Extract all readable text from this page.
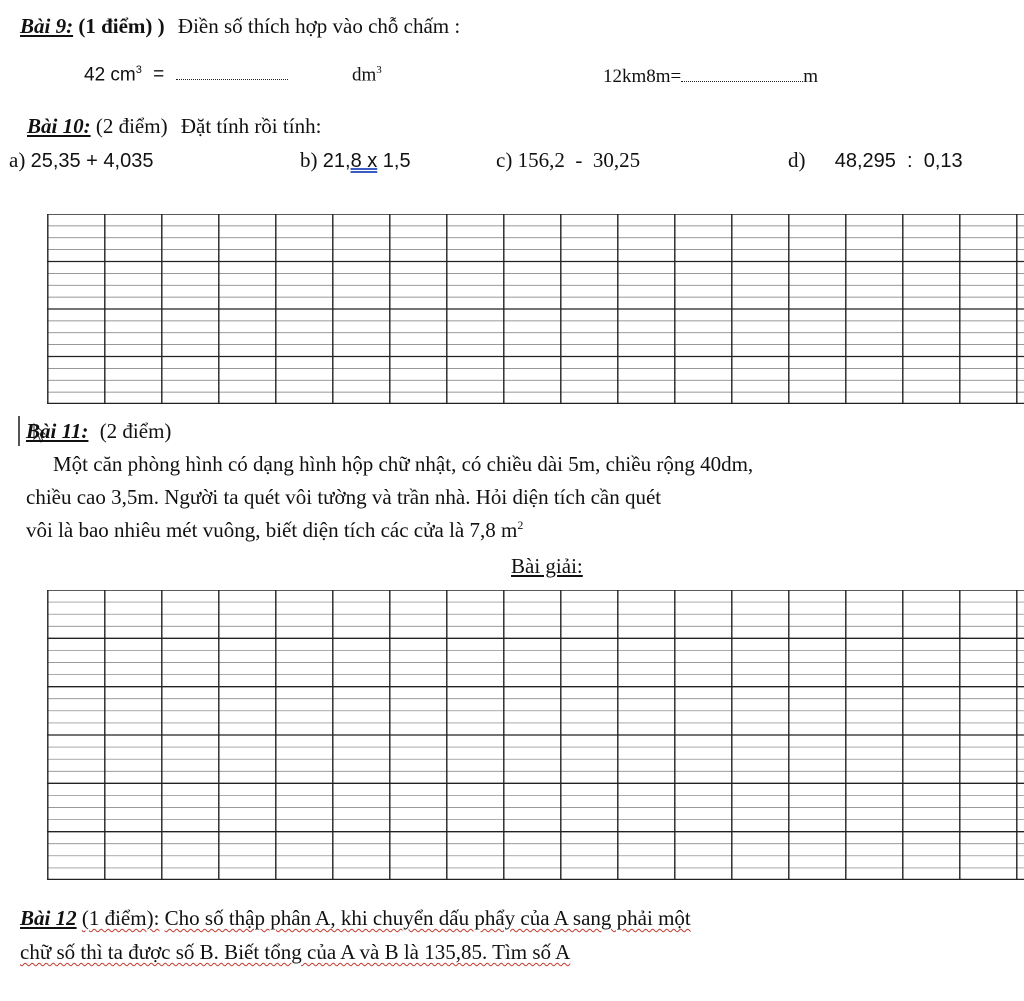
Bài 9: (1 điểm) ) Điền số thích hợp vào chỗ chấm :
42 $cm^3$ =	$dm^3$	12km8m=	m
Bài 10: (2 điểm) Đặt tính rồi tính:
a) 25,35 + 4,035	b) 21,8 x 1,5	c) 156,2  -  30,25	d) 48,295  :  0,13
Bài 11: (2 điểm)
Một căn phòng hình có dạng hình hộp chữ nhật, có chiều dài 5m, chiều rộng 40dm,
chiều cao 3,5m. Người ta quét vôi tường và trần nhà. Hỏi diện tích cần quét
vôi là bao nhiêu mét vuông, biết diện tích các cửa là 7,8 $m^2$
Bài giải:
Bài 12 (1 điểm): Cho số thập phân A, khi chuyển dấu phẩy của A sang phải một
chữ số thì ta được số B. Biết tổng của A và B là 135,85. Tìm số A
